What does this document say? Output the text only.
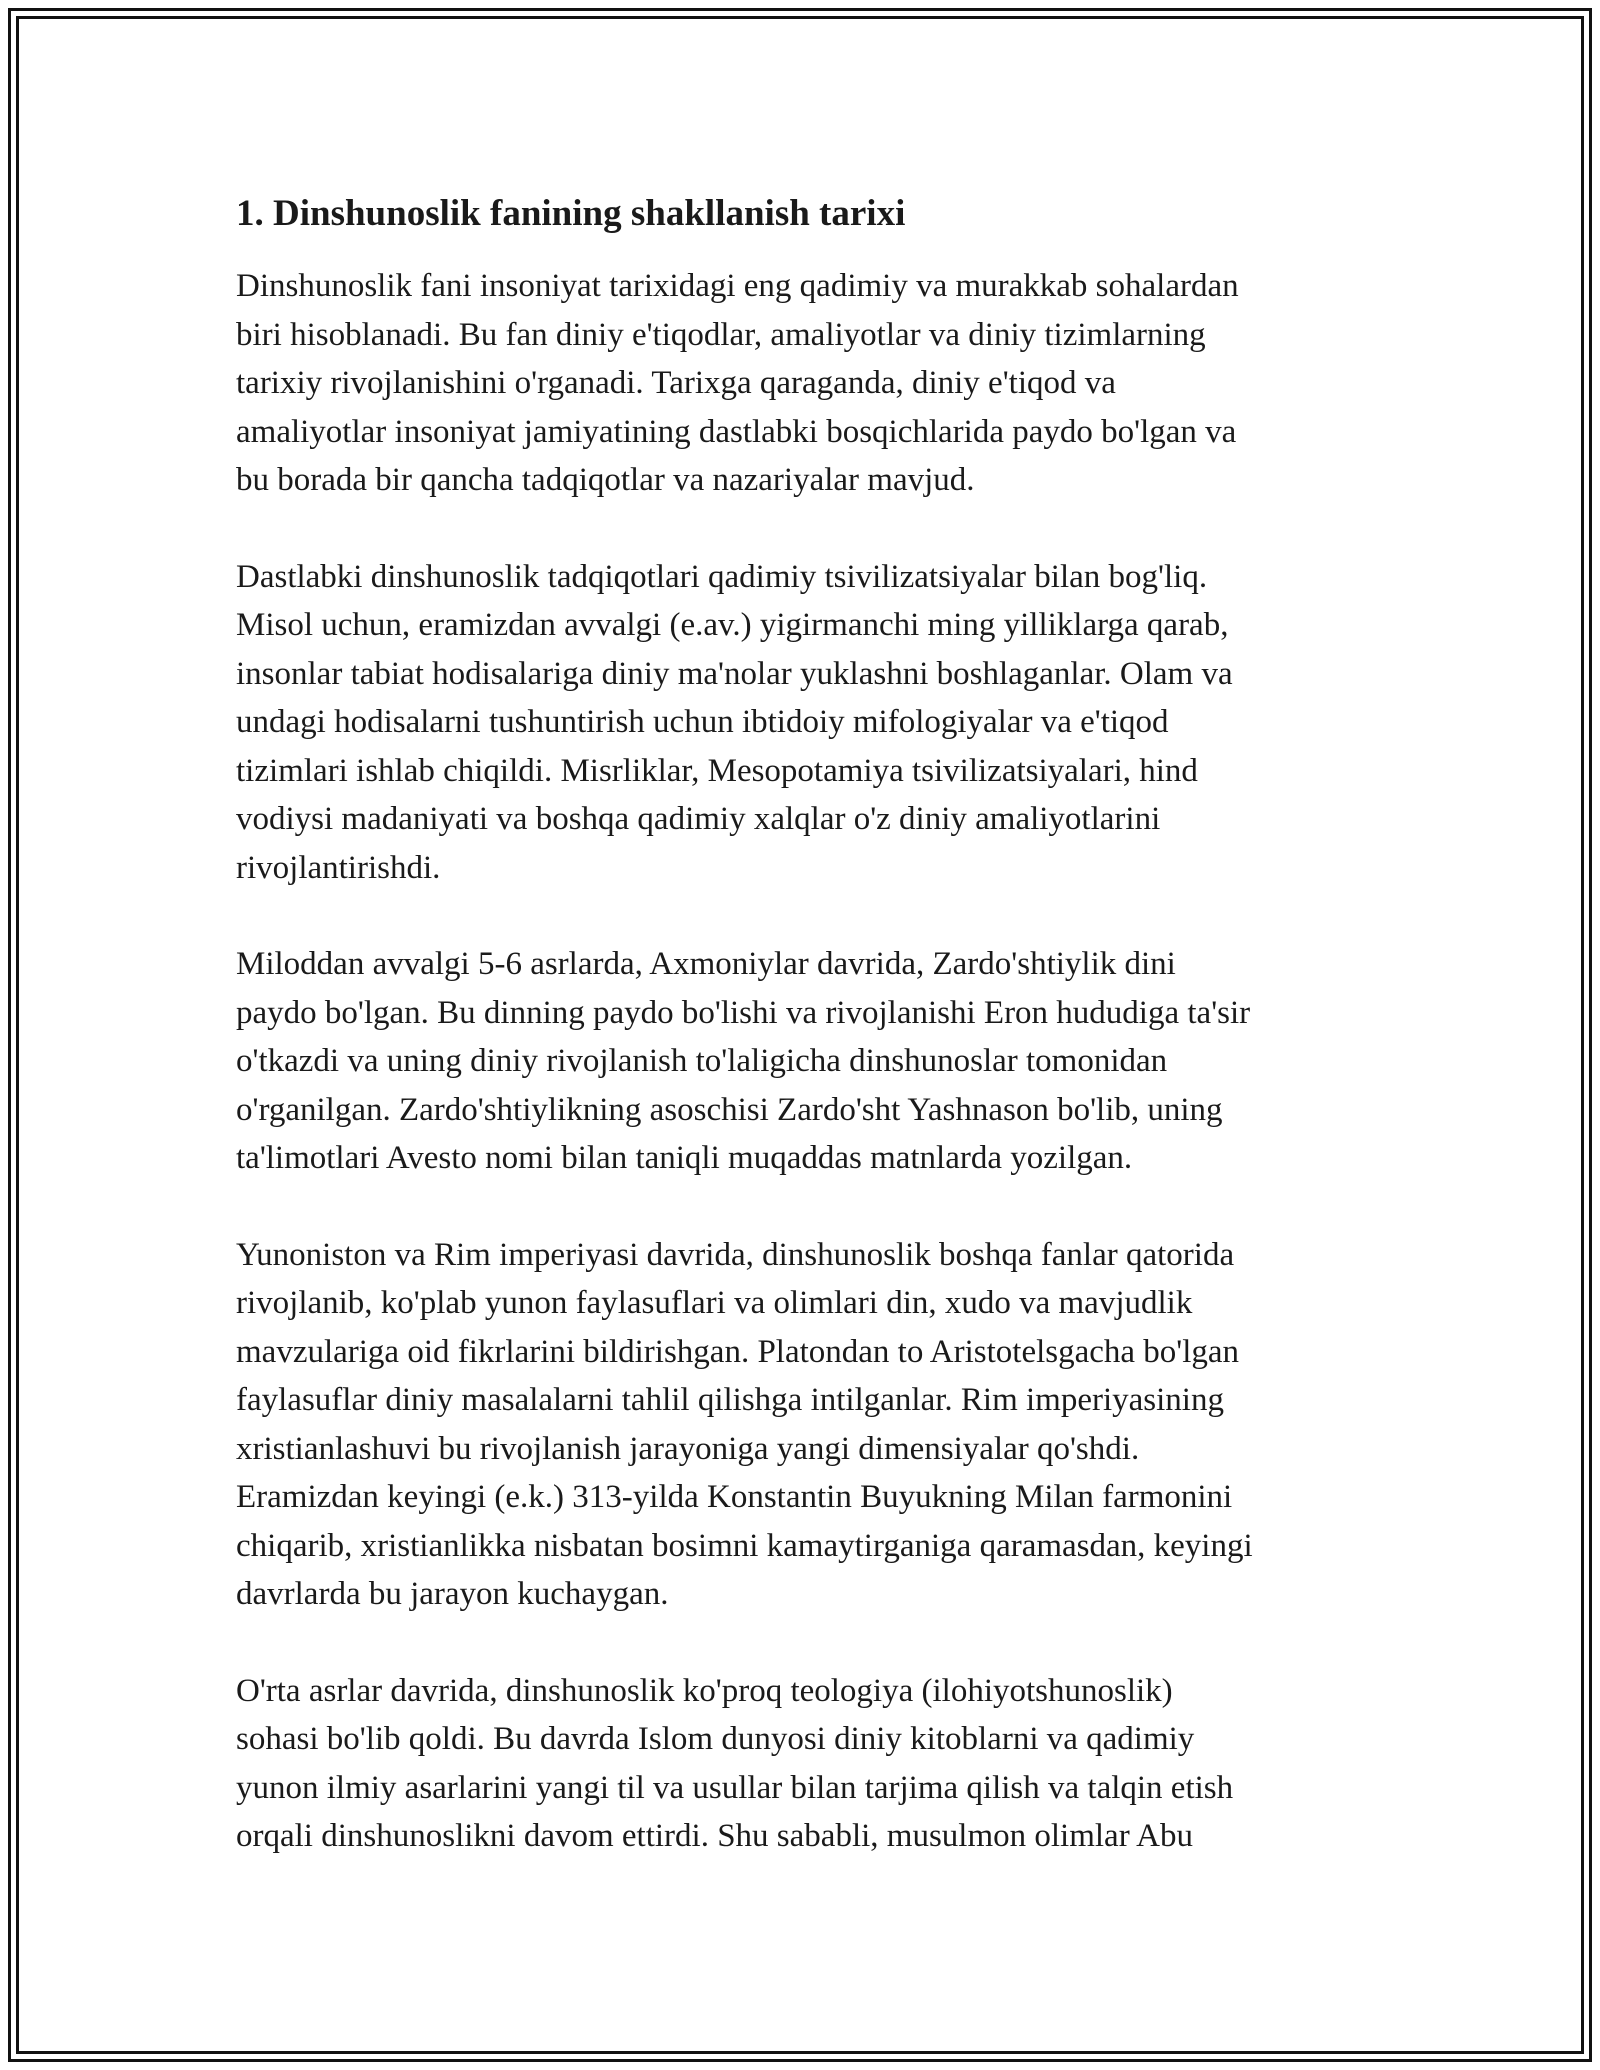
1. Dinshunoslik fanining shakllanish tarixi

Dinshunoslik fani insoniyat tarixidagi eng qadimiy va murakkab sohalardan
biri hisoblanadi. Bu fan diniy e'tiqodlar, amaliyotlar va diniy tizimlarning
tarixiy rivojlanishini o'rganadi. Tarixga qaraganda, diniy e'tiqod va
amaliyotlar insoniyat jamiyatining dastlabki bosqichlarida paydo bo'lgan va
bu borada bir qancha tadqiqotlar va nazariyalar mavjud.

Dastlabki dinshunoslik tadqiqotlari qadimiy tsivilizatsiyalar bilan bog'liq.
Misol uchun, eramizdan avvalgi (e.av.) yigirmanchi ming yilliklarga qarab,
insonlar tabiat hodisalariga diniy ma'nolar yuklashni boshlaganlar. Olam va
undagi hodisalarni tushuntirish uchun ibtidoiy mifologiyalar va e'tiqod
tizimlari ishlab chiqildi. Misrliklar, Mesopotamiya tsivilizatsiyalari, hind
vodiysi madaniyati va boshqa qadimiy xalqlar o'z diniy amaliyotlarini
rivojlantirishdi.

Miloddan avvalgi 5-6 asrlarda, Axmoniylar davrida, Zardo'shtiylik dini
paydo bo'lgan. Bu dinning paydo bo'lishi va rivojlanishi Eron hududiga ta'sir
o'tkazdi va uning diniy rivojlanish to'laligicha dinshunoslar tomonidan
o'rganilgan. Zardo'shtiylikning asoschisi Zardo'sht Yashnason bo'lib, uning
ta'limotlari Avesto nomi bilan taniqli muqaddas matnlarda yozilgan.

Yunoniston va Rim imperiyasi davrida, dinshunoslik boshqa fanlar qatorida
rivojlanib, ko'plab yunon faylasuflari va olimlari din, xudo va mavjudlik
mavzulariga oid fikrlarini bildirishgan. Platondan to Aristotelsgacha bo'lgan
faylasuflar diniy masalalarni tahlil qilishga intilganlar. Rim imperiyasining
xristianlashuvi bu rivojlanish jarayoniga yangi dimensiyalar qo'shdi.
Eramizdan keyingi (e.k.) 313-yilda Konstantin Buyukning Milan farmonini
chiqarib, xristianlikka nisbatan bosimni kamaytirganiga qaramasdan, keyingi
davrlarda bu jarayon kuchaygan.

O'rta asrlar davrida, dinshunoslik ko'proq teologiya (ilohiyotshunoslik)
sohasi bo'lib qoldi. Bu davrda Islom dunyosi diniy kitoblarni va qadimiy
yunon ilmiy asarlarini yangi til va usullar bilan tarjima qilish va talqin etish
orqali dinshunoslikni davom ettirdi. Shu sababli, musulmon olimlar Abu
